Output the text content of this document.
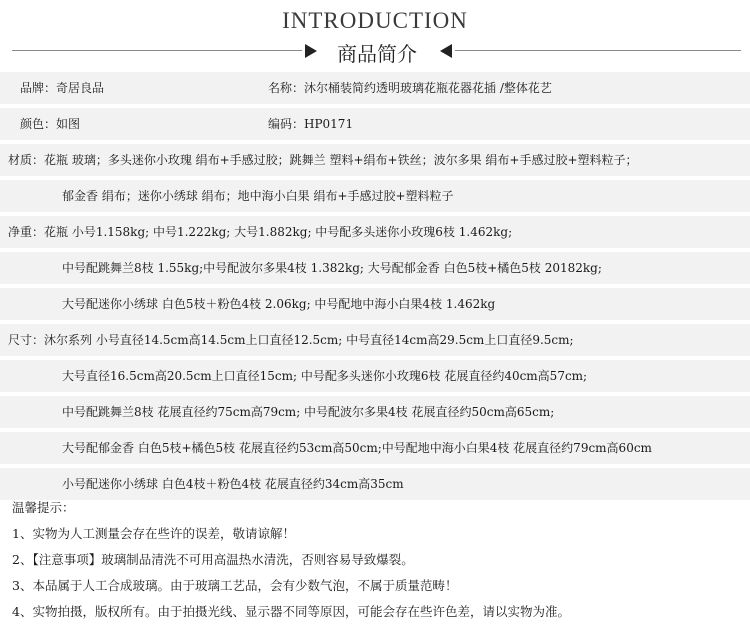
INTRODUCTION
商品简介
品牌：奇居良品	名称：沐尔桶装简约透明玻璃花瓶花器花插 /整体花艺
颜色：如图	编码：HP0171
材质：花瓶 玻璃；多头迷你小玫瑰 绢布+手感过胶；跳舞兰 塑料+绢布+铁丝；波尔多果 绢布+手感过胶+塑料粒子；
郁金香 绢布；迷你小绣球 绢布；地中海小白果 绢布+手感过胶+塑料粒子
净重：花瓶 小号1.158kg; 中号1.222kg; 大号1.882kg; 中号配多头迷你小玫瑰6枝 1.462kg;
中号配跳舞兰8枝 1.55kg;中号配波尔多果4枝 1.382kg; 大号配郁金香 白色5枝+橘色5枝 20182kg;
大号配迷你小绣球 白色5枝＋粉色4枝 2.06kg; 中号配地中海小白果4枝 1.462kg
尺寸：沐尔系列 小号直径14.5cm高14.5cm上口直径12.5cm; 中号直径14cm高29.5cm上口直径9.5cm;
大号直径16.5cm高20.5cm上口直径15cm; 中号配多头迷你小玫瑰6枝 花展直径约40cm高57cm;
中号配跳舞兰8枝 花展直径约75cm高79cm; 中号配波尔多果4枝 花展直径约50cm高65cm;
大号配郁金香 白色5枝+橘色5枝 花展直径约53cm高50cm;中号配地中海小白果4枝 花展直径约79cm高60cm
小号配迷你小绣球 白色4枝＋粉色4枝 花展直径约34cm高35cm
温馨提示：
1、实物为人工测量会存在些许的误差，敬请谅解！
2、【注意事项】玻璃制品清洗不可用高温热水清洗，否则容易导致爆裂。
3、本品属于人工合成玻璃。由于玻璃工艺品，会有少数气泡，不属于质量范畴！
4、实物拍摄，版权所有。由于拍摄光线、显示器不同等原因，可能会存在些许色差，请以实物为准。
